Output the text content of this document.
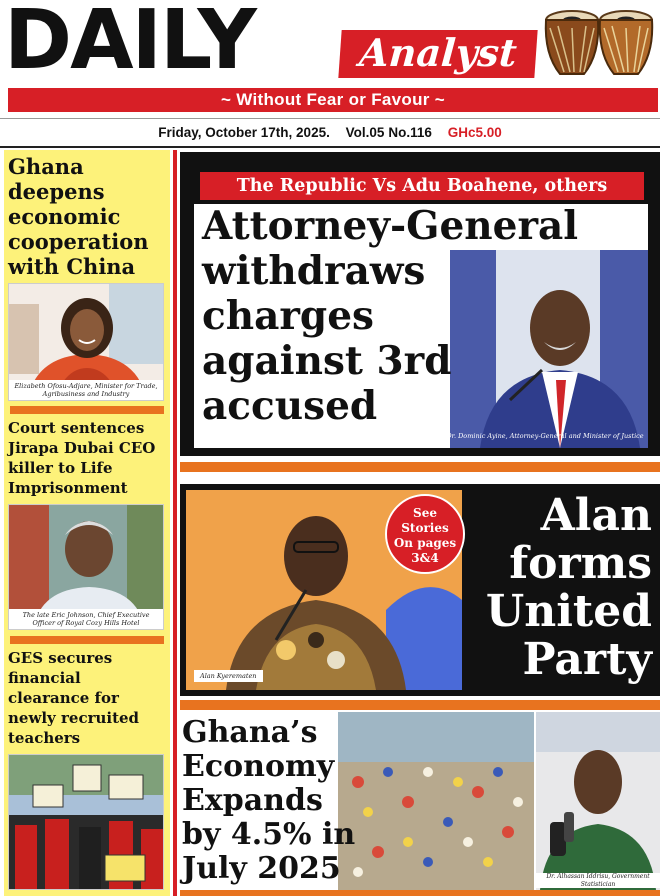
DAILY	Analyst
~ Without Fear or Favour ~
Friday, October 17th, 2025. Vol.05 No.116 GHc5.00
Ghana deepens economic cooperation with China
Elizabeth Ofosu-Adjare, Minister for Trade, Agribusiness and Industry
Court sentences Jirapa Dubai CEO killer to Life Imprisonment
The late Eric Johnson, Chief Executive Officer of Royal Cozy Hills Hotel
GES secures financial clearance for newly recruited teachers
The Republic Vs Adu Boahene, others
Attorney-General
withdraws
charges
against 3rd
accused
Dr. Dominic Ayine, Attorney-General and Minister of Justice
Alan Kyerematen
See
Stories
On pages
3&4
Alan
forms
United
Party
Ghana’s
Economy
Expands
by 4.5% in
July 2025	Dr. Alhassan Iddrisu, Government Statistician
